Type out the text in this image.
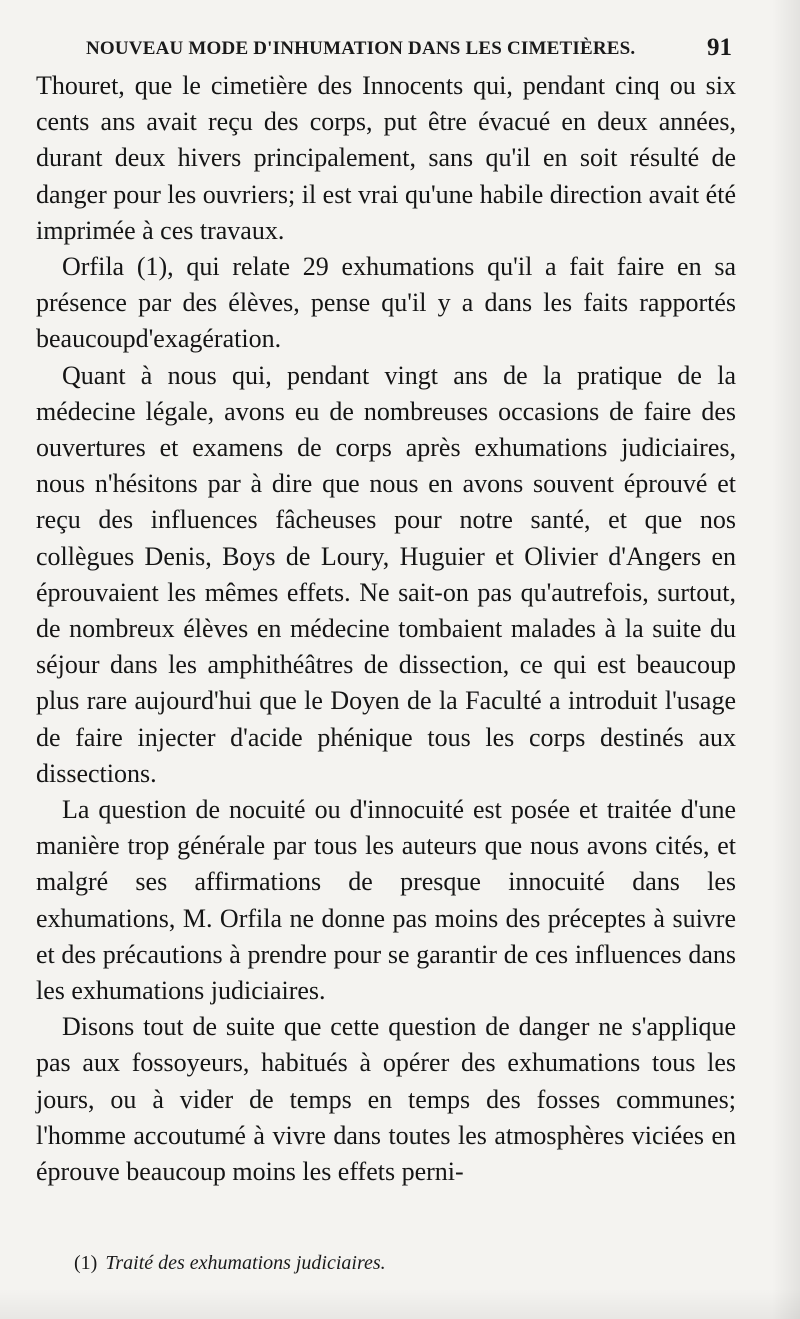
NOUVEAU MODE D'INHUMATION DANS LES CIMETIÈRES.	91

Thouret, que le cimetière des Innocents qui, pendant cinq ou six cents ans avait reçu des corps, put être évacué en deux années, durant deux hivers principalement, sans qu'il en soit résulté de danger pour les ouvriers; il est vrai qu'une habile direction avait été imprimée à ces travaux.

Orfila (1), qui relate 29 exhumations qu'il a fait faire en sa présence par des élèves, pense qu'il y a dans les faits rapportés beaucoupd'exagération.

Quant à nous qui, pendant vingt ans de la pratique de la médecine légale, avons eu de nombreuses occasions de faire des ouvertures et examens de corps après exhumations judiciaires, nous n'hésitons par à dire que nous en avons souvent éprouvé et reçu des influences fâcheuses pour notre santé, et que nos collègues Denis, Boys de Loury, Huguier et Olivier d'Angers en éprouvaient les mêmes effets. Ne sait-on pas qu'autrefois, surtout, de nombreux élèves en médecine tombaient malades à la suite du séjour dans les amphithéâtres de dissection, ce qui est beaucoup plus rare aujourd'hui que le Doyen de la Faculté a introduit l'usage de faire injecter d'acide phénique tous les corps destinés aux dissections.

La question de nocuité ou d'innocuité est posée et traitée d'une manière trop générale par tous les auteurs que nous avons cités, et malgré ses affirmations de presque innocuité dans les exhumations, M. Orfila ne donne pas moins des préceptes à suivre et des précautions à prendre pour se garantir de ces influences dans les exhumations judiciaires.

Disons tout de suite que cette question de danger ne s'applique pas aux fossoyeurs, habitués à opérer des exhumations tous les jours, ou à vider de temps en temps des fosses communes; l'homme accoutumé à vivre dans toutes les atmosphères viciées en éprouve beaucoup moins les effets perni-

(1) Traité des exhumations judiciaires.
